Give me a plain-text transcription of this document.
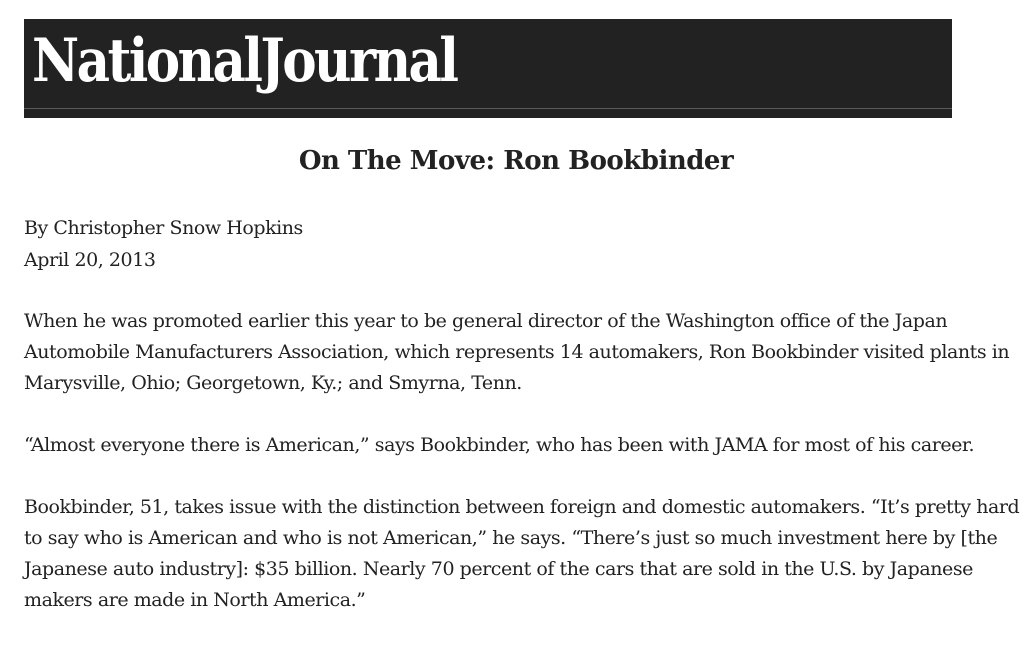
NationalJournal
On The Move: Ron Bookbinder
By Christopher Snow Hopkins
April 20, 2013

When he was promoted earlier this year to be general director of the Washington office of the Japan
Automobile Manufacturers Association, which represents 14 automakers, Ron Bookbinder visited plants in
Marysville, Ohio; Georgetown, Ky.; and Smyrna, Tenn.

“Almost everyone there is American,” says Bookbinder, who has been with JAMA for most of his career.

Bookbinder, 51, takes issue with the distinction between foreign and domestic automakers. “It’s pretty hard
to say who is American and who is not American,” he says. “There’s just so much investment here by [the
Japanese auto industry]: $35 billion. Nearly 70 percent of the cars that are sold in the U.S. by Japanese
makers are made in North America.”
